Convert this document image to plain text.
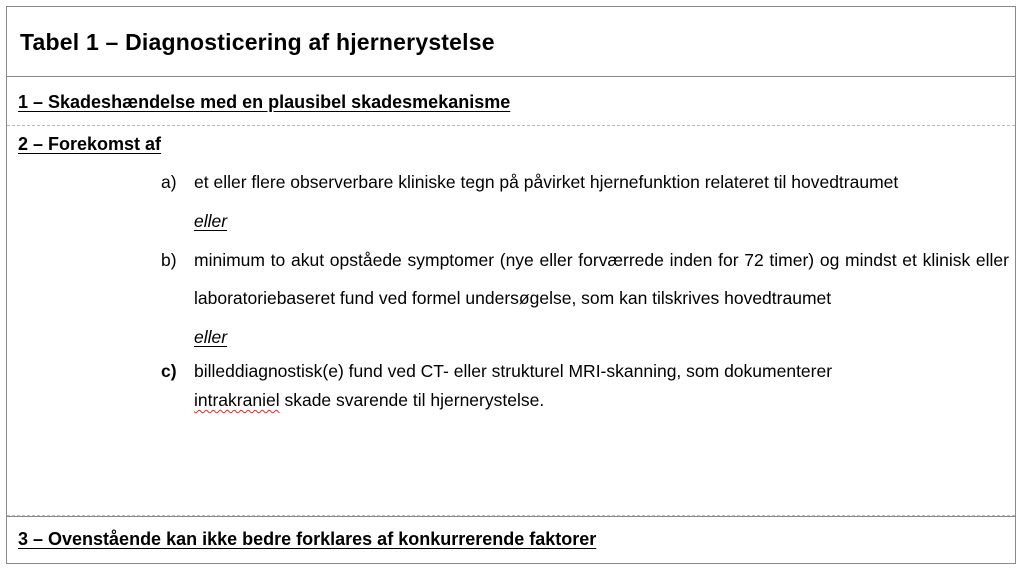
Tabel 1 – Diagnosticering af hjernerystelse
1 – Skadeshændelse med en plausibel skadesmekanisme
2 – Forekomst af
a) et eller flere observerbare kliniske tegn på påvirket hjernefunktion relateret til hovedtraumet
eller
b) minimum to akut opståede symptomer (nye eller forværrede inden for 72 timer) og mindst et klinisk eller laboratoriebaseret fund ved formel undersøgelse, som kan tilskrives hovedtraumet
eller
c) billeddiagnostisk(e) fund ved CT- eller strukturel MRI-skanning, som dokumenterer
intrakraniel skade svarende til hjernerystelse.
3 – Ovenstående kan ikke bedre forklares af konkurrerende faktorer
